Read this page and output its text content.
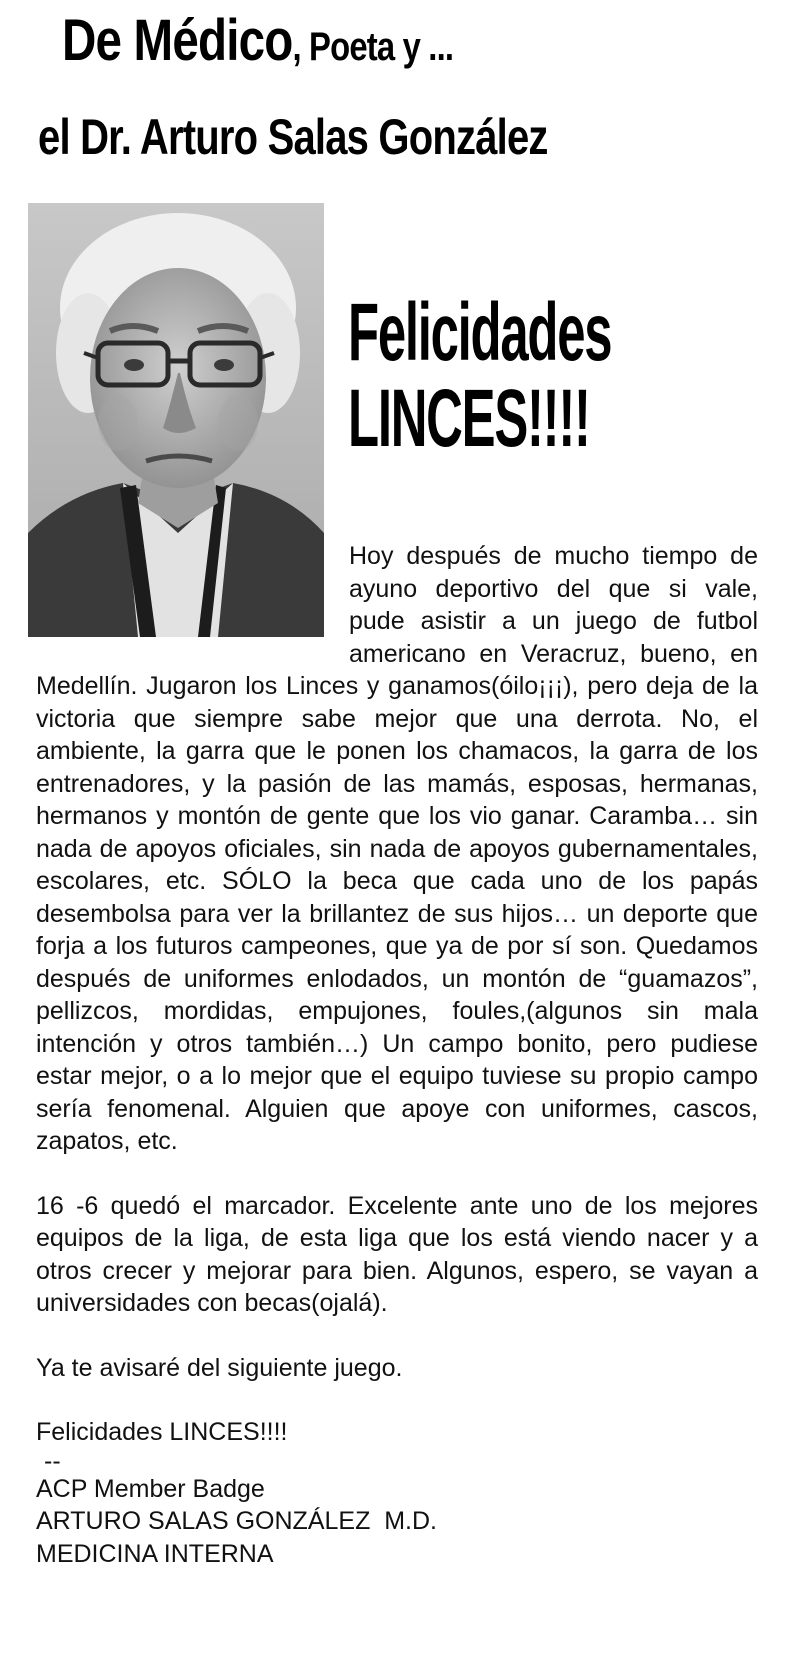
De Médico, Poeta y ...
el Dr. Arturo Salas González
Felicidades
LINCES!!!!

Hoy después de mucho tiempo de ayuno deportivo del que si vale, pude asistir a un juego de futbol americano en Veracruz, bueno, en Medellín. Jugaron los Linces y ganamos(óilo¡¡¡), pero deja de la victoria que siempre sabe mejor que una derrota. No, el ambiente, la garra que le ponen los chamacos, la garra de los entrenadores, y la pasión de las mamás, esposas, hermanas, hermanos y montón de gente que los vio ganar. Caramba… sin nada de apoyos oficiales, sin nada de apoyos gubernamentales, escolares, etc. SÓLO la beca que cada uno de los papás desembolsa para ver la brillantez de sus hijos… un deporte que forja a los futuros campeones, que ya de por sí son. Quedamos después de uniformes enlodados, un montón de “guamazos”, pellizcos, mordidas, empujones, foules,(algunos sin mala intención y otros también…) Un campo bonito, pero pudiese estar mejor, o a lo mejor que el equipo tuviese su propio campo sería fenomenal. Alguien que apoye con uniformes, cascos, zapatos, etc.

16 -6 quedó el marcador. Excelente ante uno de los mejores equipos de la liga, de esta liga que los está viendo nacer y a otros crecer y mejorar para bien. Algunos, espero, se vayan a universidades con becas(ojalá).

Ya te avisaré del siguiente juego.

Felicidades LINCES!!!!
--
ACP Member Badge
ARTURO SALAS GONZÁLEZ  M.D.
MEDICINA INTERNA
